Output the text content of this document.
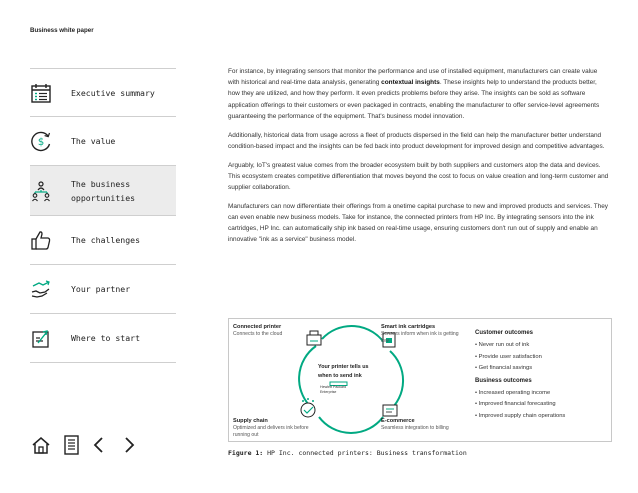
Business white paper
Executive summary
$	The value
The business
opportunities
The challenges
Your partner
Where to start

For instance, by integrating sensors that monitor the performance and use of installed equipment, manufacturers can create value with historical and real-time data analysis, generating contextual insights. These insights help to understand the products better, how they are utilized, and how they perform. It even predicts problems before they arise. The insights can be sold as software application offerings to their customers or even packaged in contracts, enabling the manufacturer to offer service-level agreements guaranteeing the performance of the equipment. That's business model innovation.

Additionally, historical data from usage across a fleet of products dispersed in the field can help the manufacturer better understand condition-based impact and the insights can be fed back into product development for improved design and competitive advantages.

Arguably, IoT's greatest value comes from the broader ecosystem built by both suppliers and customers atop the data and devices. This ecosystem creates competitive differentiation that moves beyond the cost to focus on value creation and long-term customer and supplier collaboration.

Manufacturers can now differentiate their offerings from a onetime capital purchase to new and improved products and services. They can even enable new business models. Take for instance, the connected printers from HP Inc. By integrating sensors into the ink cartridges, HP Inc. can automatically ship ink based on real-time usage, ensuring customers don't run out of supply and enable an innovative "ink as a service" business model.

Connected printer
Connects to the cloud
Smart ink cartridges
Sensors inform when ink is getting low
Your printer tells us
when to send ink
Hewlett Packard
Enterprise
Supply chain
Optimized and delivers ink before running out
E-commerce
Seamless integration to billing
Customer outcomes
• Never run out of ink
• Provide user satisfaction
• Get financial savings
Business outcomes
• Increased operating income
• Improved financial forecasting
• Improved supply chain operations
Figure 1: HP Inc. connected printers: Business transformation
